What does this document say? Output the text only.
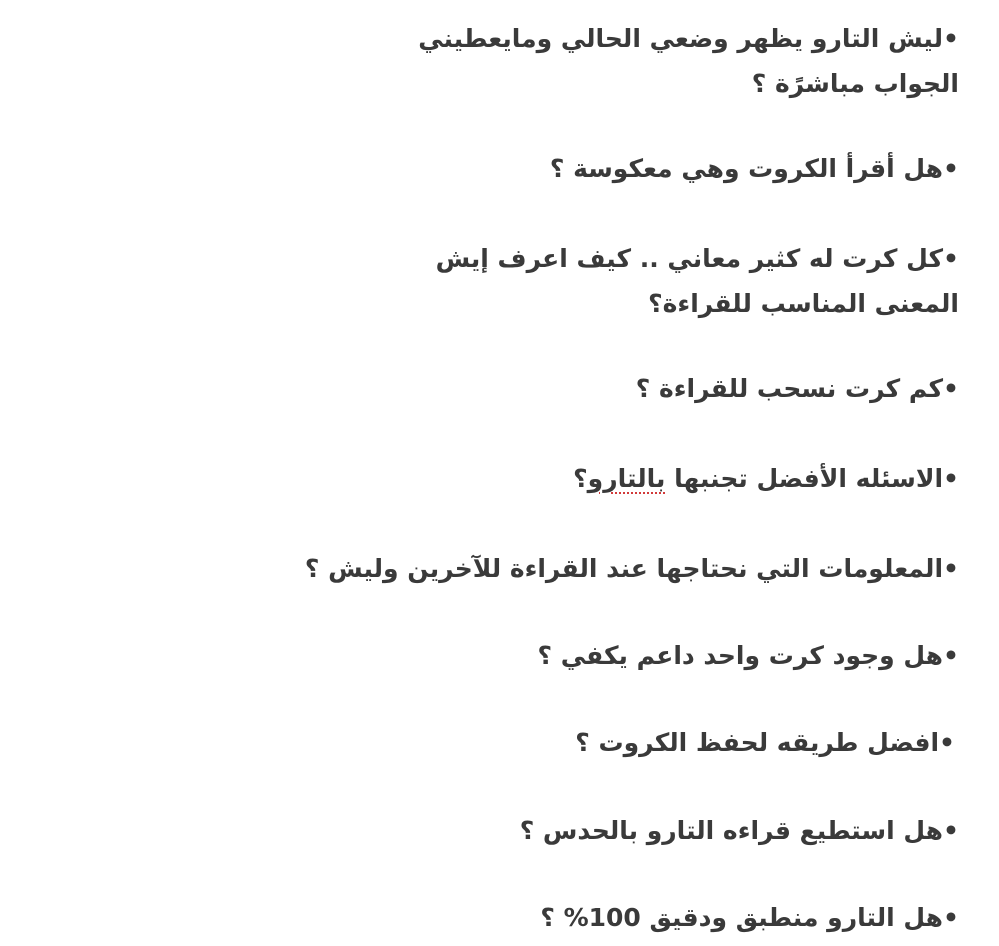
•ليش التارو يظهر وضعي الحالي ومايعطيني
الجواب مباشرًة ؟
•هل أقرأ الكروت وهي معكوسة ؟
•كل كرت له كثير معاني .. كيف اعرف إيش
المعنى المناسب للقراءة؟
•كم كرت نسحب للقراءة ؟
•الاسئله الأفضل تجنبها بالتارو؟
•المعلومات التي نحتاجها عند القراءة للآخرين وليش ؟
•هل وجود كرت واحد داعم يكفي ؟
•افضل طريقه لحفظ الكروت ؟
•هل استطيع قراءه التارو بالحدس ؟
•هل التارو منطبق ودقيق 100% ؟
